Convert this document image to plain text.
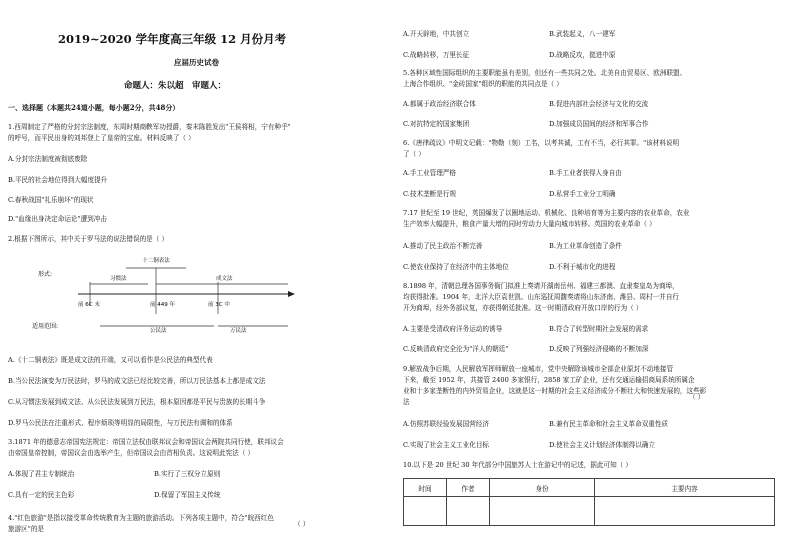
2019~2020 学年度高三年级 12 月份月考
应届历史试卷
命题人：朱以超　审题人：
一、选择题（本题共24道小题，每小题2分，共48分）
1.西周制定了严格的分封宗法制度，东周时期商鞅军功授爵，秦末陈胜发出"王侯将相，宁有种乎"
的呼号，而平民出身的刘邦登上了皇帝的宝座。材料反映了（ ）
A.分封宗法制度被彻底废除
B.平民的社会地位得到大幅度提升
C.春秋战国"礼乐崩坏"的现状
D."血缘出身决定命运论"遭到冲击
2.根据下图所示，其中关于罗马法的说法错误的是（ ）
形式:
适用范围:
十二铜表法
习惯法	成文法
前 6C 末	前 449 年	前 3C 中
公民法	万民法
A.《十二铜表法》既是成文法的开端，又可以看作是公民法的典型代表
B.当公民法演变为万民法时，罗马的成文法已经比较完善，所以万民法基本上都是成文法
C.从习惯法发展到成文法、从公民法发展到万民法，根本原因都是平民与贵族的长期斗争
D.罗马公民法在注重形式、程序烦琐等明显的局限性，与万民法有调和的体系
3.1871 年的德意志帝国宪法规定：帝国立法权由联邦议会和帝国议会两院共同行使，联邦议会
由帝国皇帝控制，帝国议会由选举产生，但帝国议会由首相负责。这说明此宪法（ ）
A.体现了君主专制统治	B.实行了三权分立原则
C.具有一定的民主色彩	D.保留了军国主义传统
4."红色旅游"是指以接受革命传统教育为主题的旅游活动。下列各项主题中，符合"皖西红色
旅游区"的是
（ ）
A.开天辟地，中共创立	B.武装起义，八一建军
C.战略转移，万里长征	D.战略反攻，挺进中原
5.各种区域性国际组织的主要职能虽有差别，但还有一些共同之处。北美自由贸易区、欧洲联盟、
上海合作组织、"金砖国家"组织的职能的共同点是（ ）
A.都属于政治经济联合体	B.促进内部社会经济与文化的交流
C.对抗特定的国家集团	D.加强成员国间的经济和军事合作
6.《唐律疏议》中明文记载："物勒（刻）工名，以考其诚，工有不当，必行其罪。"该材料说明
了（ ）
A.手工业管理严格	B.手工业者获得人身自由
C.技术垄断是行规	D.私营手工业分工明确
7.17 世纪至 19 世纪，英国爆发了以圈地运动、机械化、良种培育等为主要内容的农业革命，农业
生产效率大幅提升，粮食产量大增的同时劳动力大量向城市转移。英国的农业革命（ ）
A.推动了民主政治不断完善	B.为工业革命创造了条件
C.使农业保持了在经济中的主体地位	D.不利于城市化的进程
8.1898 年，清朝总理各国事务衙门拟准上奏请开湖南岳州、福建三都澳、直隶秦皇岛为商埠，
均获得批准。1904 年，北洋大臣袁世凯、山东巡抚周馥奏请将山东济南、潍县、周村一并自行
开为商埠，经外务部议复，亦获得朝廷批准。这一时期清政府开放口岸的行为（ ）
A.主要是受清政府洋务运动的诱导	B.符合了转型时期社会发展的需求
C.反映清政府完全沦为"洋人的朝廷"	D.反映了列强经济侵略的不断加深
9.解放战争后期，人民解放军挥师解放一座城市，党中央解除该城市全部企业原封不动地接管
下来，截至 1952 年，共接管 2400 多家银行，2858 家工矿企业，还有交通运输招商局系统所属企
业和十多家垄断性的内外贸易企业，这就是这一时期的社会主义经济成分不断壮大和快速发展的，这些影
法
（ ）
A.仿照苏联经验发展国营经济	B.兼有民主革命和社会主义革命双重性质
C.实现了社会主义工业化目标	D.使社会主义计划经济体制得以确立
10.以下是 20 世纪 30 年代部分中国旅苏人士在游记中的记述，据此可知（ ）
时间	作者	身份	主要内容
